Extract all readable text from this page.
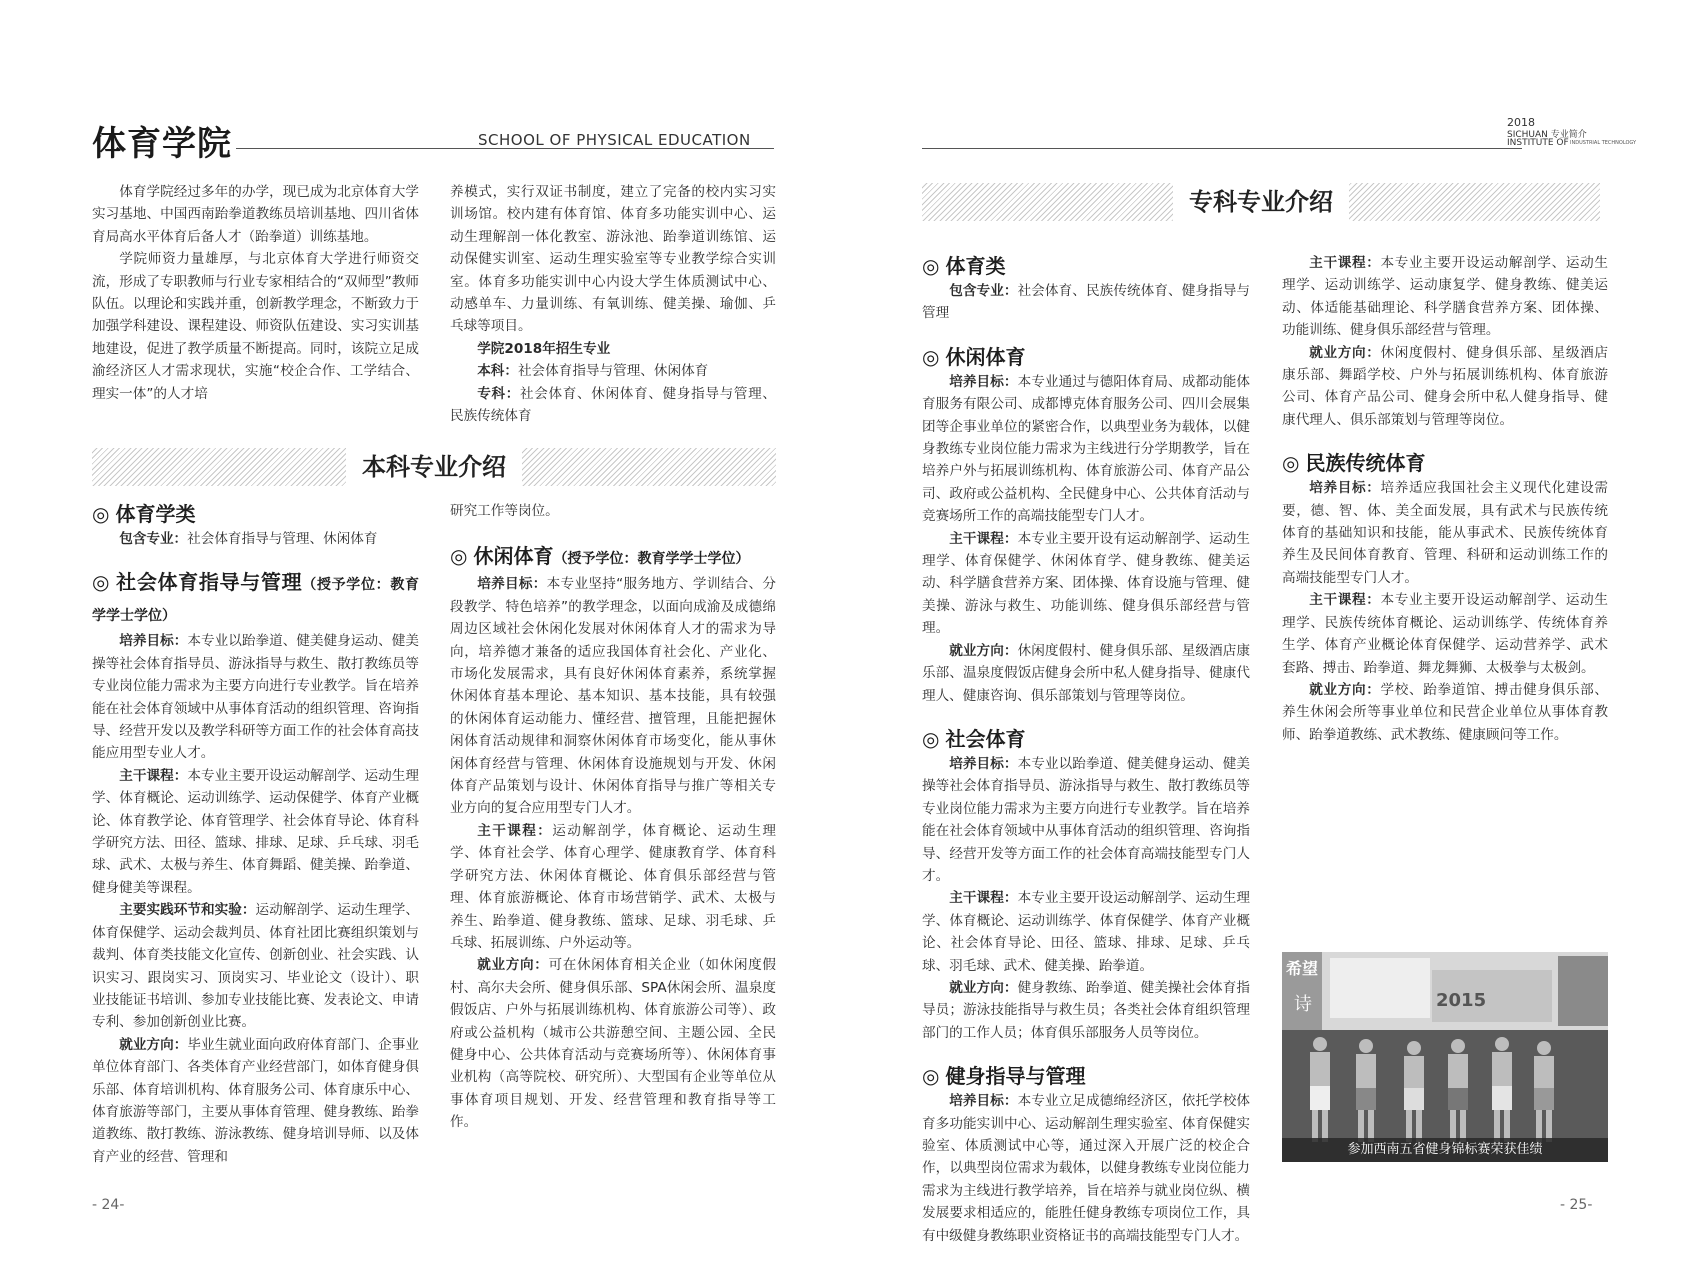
体育学院	SCHOOL OF PHYSICAL EDUCATION
2018
SICHUAN 专业简介
INSTITUTE OF INDUSTRIAL TECHNOLOGY

体育学院经过多年的办学，现已成为北京体育大学实习基地、中国西南跆拳道教练员培训基地、四川省体育局高水平体育后备人才（跆拳道）训练基地。

学院师资力量雄厚，与北京体育大学进行师资交流，形成了专职教师与行业专家相结合的“双师型”教师队伍。以理论和实践并重，创新教学理念，不断致力于加强学科建设、课程建设、师资队伍建设、实习实训基地建设，促进了教学质量不断提高。同时，该院立足成渝经济区人才需求现状，实施“校企合作、工学结合、理实一体”的人才培

养模式，实行双证书制度，建立了完备的校内实习实训场馆。校内建有体育馆、体育多功能实训中心、运动生理解剖一体化教室、游泳池、跆拳道训练馆、运动保健实训室、运动生理实验室等专业教学综合实训室。体育多功能实训中心内设大学生体质测试中心、动感单车、力量训练、有氧训练、健美操、瑜伽、乒乓球等项目。

学院2018年招生专业

本科：社会体育指导与管理、休闲体育

专科：社会体育、休闲体育、健身指导与管理、民族传统体育

本科专业介绍

◎ 体育学类

包含专业：社会体育指导与管理、休闲体育

◎ 社会体育指导与管理（授予学位：教育学学士学位）

培养目标：本专业以跆拳道、健美健身运动、健美操等社会体育指导员、游泳指导与救生、散打教练员等专业岗位能力需求为主要方向进行专业教学。旨在培养能在社会体育领域中从事体育活动的组织管理、咨询指导、经营开发以及教学科研等方面工作的社会体育高技能应用型专业人才。

主干课程：本专业主要开设运动解剖学、运动生理学、体育概论、运动训练学、运动保健学、体育产业概论、体育教学论、体育管理学、社会体育导论、体育科学研究方法、田径、篮球、排球、足球、乒乓球、羽毛球、武术、太极与养生、体育舞蹈、健美操、跆拳道、健身健美等课程。

主要实践环节和实验：运动解剖学、运动生理学、体育保健学、运动会裁判员、体育社团比赛组织策划与裁判、体育类技能文化宣传、创新创业、社会实践、认识实习、跟岗实习、顶岗实习、毕业论文（设计）、职业技能证书培训、参加专业技能比赛、发表论文、申请专利、参加创新创业比赛。

就业方向：毕业生就业面向政府体育部门、企事业单位体育部门、各类体育产业经营部门，如体育健身俱乐部、体育培训机构、体育服务公司、体育康乐中心、体育旅游等部门，主要从事体育管理、健身教练、跆拳道教练、散打教练、游泳教练、健身培训导师、以及体育产业的经营、管理和

研究工作等岗位。

◎ 休闲体育（授予学位：教育学学士学位）

培养目标：本专业坚持“服务地方、学训结合、分段教学、特色培养”的教学理念，以面向成渝及成德绵周边区域社会休闲化发展对休闲体育人才的需求为导向，培养德才兼备的适应我国体育社会化、产业化、市场化发展需求，具有良好休闲体育素养，系统掌握休闲体育基本理论、基本知识、基本技能，具有较强的休闲体育运动能力、懂经营、擅管理，且能把握休闲体育活动规律和洞察休闲体育市场变化，能从事休闲体育经营与管理、休闲体育设施规划与开发、休闲体育产品策划与设计、休闲体育指导与推广等相关专业方向的复合应用型专门人才。

主干课程：运动解剖学，体育概论、运动生理学、体育社会学、体育心理学、健康教育学、体育科学研究方法、休闲体育概论、体育俱乐部经营与管理、体育旅游概论、体育市场营销学、武术、太极与养生、跆拳道、健身教练、篮球、足球、羽毛球、乒乓球、拓展训练、户外运动等。

就业方向：可在休闲体育相关企业（如休闲度假村、高尔夫会所、健身俱乐部、SPA休闲会所、温泉度假饭店、户外与拓展训练机构、体育旅游公司等）、政府或公益机构（城市公共游憩空间、主题公园、全民健身中心、公共体育活动与竞赛场所等）、休闲体育事业机构（高等院校、研究所）、大型国有企业等单位从事体育项目规划、开发、经营管理和教育指导等工作。

专科专业介绍

◎ 体育类

包含专业：社会体育、民族传统体育、健身指导与管理

◎ 休闲体育

培养目标：本专业通过与德阳体育局、成都动能体育服务有限公司、成都博克体育服务公司、四川会展集团等企事业单位的紧密合作，以典型业务为载体，以健身教练专业岗位能力需求为主线进行分学期教学，旨在培养户外与拓展训练机构、体育旅游公司、体育产品公司、政府或公益机构、全民健身中心、公共体育活动与竞赛场所工作的高端技能型专门人才。

主干课程：本专业主要开设有运动解剖学、运动生理学、体育保健学、休闲体育学、健身教练、健美运动、科学膳食营养方案、团体操、体育设施与管理、健美操、游泳与救生、功能训练、健身俱乐部经营与管理。

就业方向：休闲度假村、健身俱乐部、星级酒店康乐部、温泉度假饭店健身会所中私人健身指导、健康代理人、健康咨询、俱乐部策划与管理等岗位。

◎ 社会体育

培养目标：本专业以跆拳道、健美健身运动、健美操等社会体育指导员、游泳指导与救生、散打教练员等专业岗位能力需求为主要方向进行专业教学。旨在培养能在社会体育领域中从事体育活动的组织管理、咨询指导、经营开发等方面工作的社会体育高端技能型专门人才。

主干课程：本专业主要开设运动解剖学、运动生理学、体育概论、运动训练学、体育保健学、体育产业概论、社会体育导论、田径、篮球、排球、足球、乒乓球、羽毛球、武术、健美操、跆拳道。

就业方向：健身教练、跆拳道、健美操社会体育指导员；游泳技能指导与救生员；各类社会体育组织管理部门的工作人员；体育俱乐部服务人员等岗位。

◎ 健身指导与管理

培养目标：本专业立足成德绵经济区，依托学校体育多功能实训中心、运动解剖生理实验室、体育保健实验室、体质测试中心等，通过深入开展广泛的校企合作，以典型岗位需求为载体，以健身教练专业岗位能力需求为主线进行教学培养，旨在培养与就业岗位纵、横发展要求相适应的，能胜任健身教练专项岗位工作，具有中级健身教练职业资格证书的高端技能型专门人才。

主干课程：本专业主要开设运动解剖学、运动生理学、运动训练学、运动康复学、健身教练、健美运动、体适能基础理论、科学膳食营养方案、团体操、功能训练、健身俱乐部经营与管理。

就业方向：休闲度假村、健身俱乐部、星级酒店康乐部、舞蹈学校、户外与拓展训练机构、体育旅游公司、体育产品公司、健身会所中私人健身指导、健康代理人、俱乐部策划与管理等岗位。

◎ 民族传统体育

培养目标：培养适应我国社会主义现代化建设需要，德、智、体、美全面发展，具有武术与民族传统体育的基础知识和技能，能从事武术、民族传统体育养生及民间体育教育、管理、科研和运动训练工作的高端技能型专门人才。

主干课程：本专业主要开设运动解剖学、运动生理学、民族传统体育概论、运动训练学、传统体育养生学、体育产业概论体育保健学、运动营养学、武术套路、搏击、跆拳道、舞龙舞狮、太极拳与太极剑。

就业方向：学校、跆拳道馆、搏击健身俱乐部、养生休闲会所等事业单位和民营企业单位从事体育教师、跆拳道教练、武术教练、健康顾问等工作。

希望
诗	2015
参加西南五省健身锦标赛荣获佳绩
- 24-	- 25-
